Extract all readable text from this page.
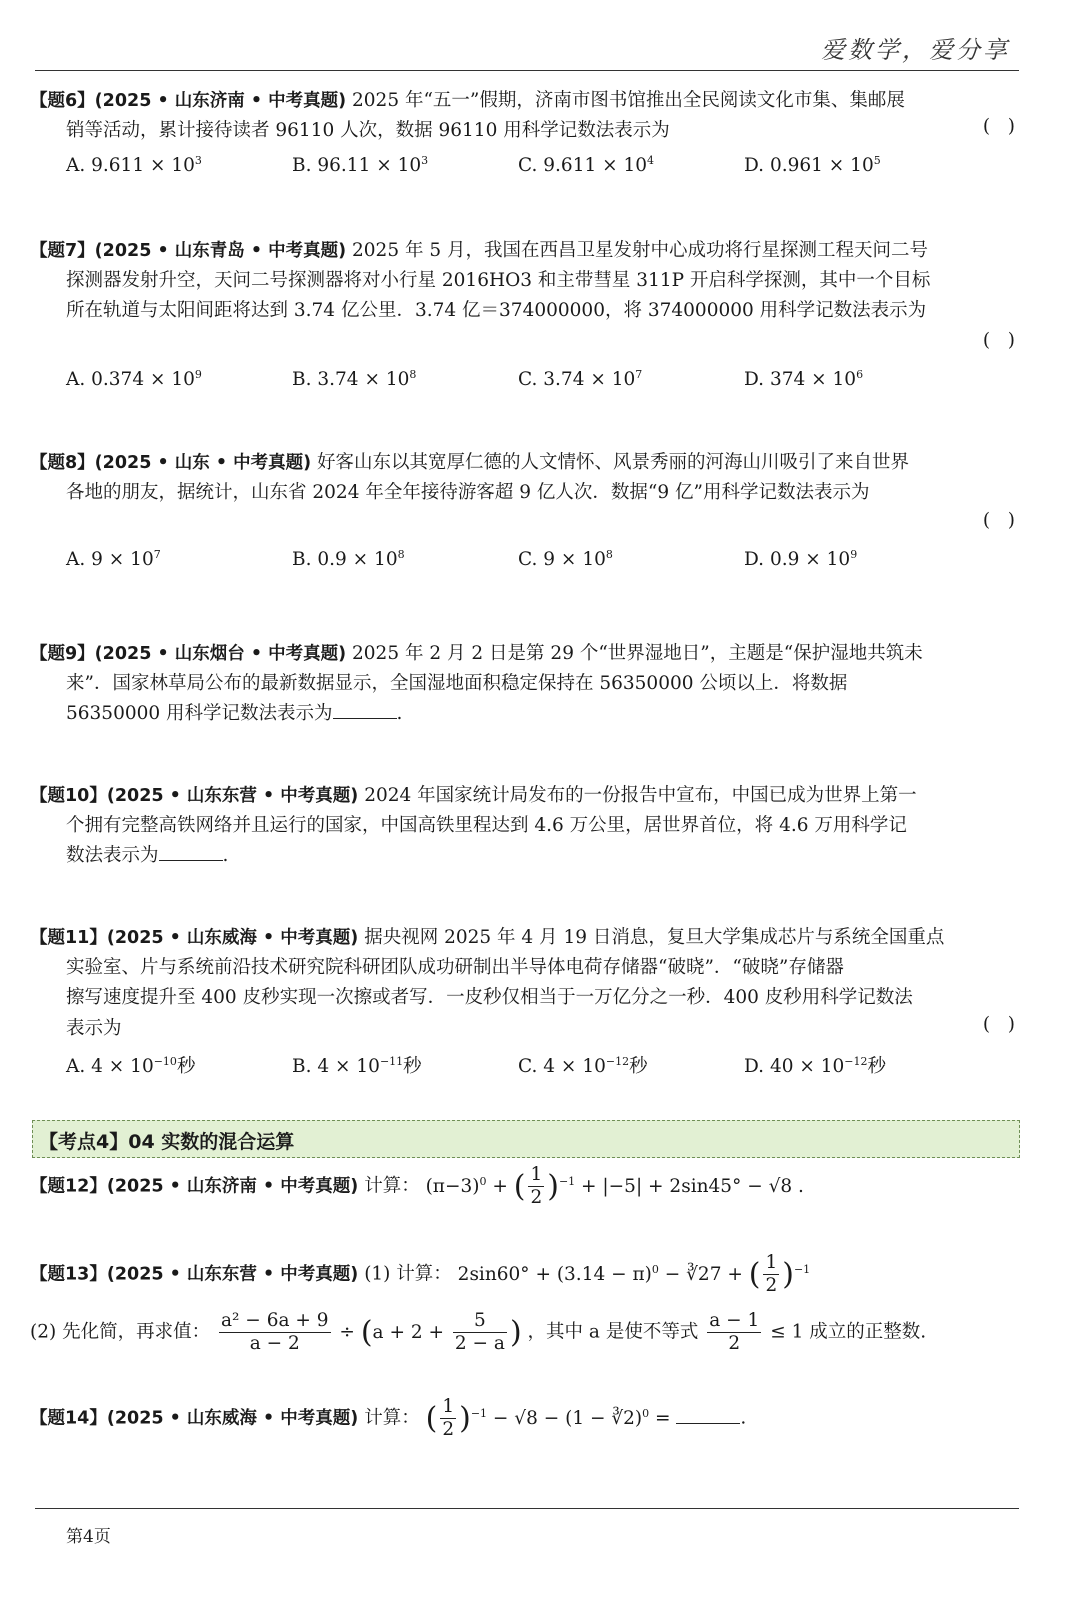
爱数学，爱分享
【题6】(2025 • 山东济南 • 中考真题) 2025 年“五一”假期，济南市图书馆推出全民阅读文化市集、集邮展
销等活动，累计接待读者 96110 人次，数据 96110 用科学记数法表示为	(   )
A. $9.611 \times 10^3$	B. $96.11 \times 10^3$	C. $9.611 \times 10^4$	D. $0.961 \times 10^5$
【题7】(2025 • 山东青岛 • 中考真题) 2025 年 5 月，我国在西昌卫星发射中心成功将行星探测工程天问二号
探测器发射升空，天问二号探测器将对小行星 2016HO3 和主带彗星 311P 开启科学探测，其中一个目标
所在轨道与太阳间距将达到 3.74 亿公里．3.74 亿＝374000000，将 374000000 用科学记数法表示为
(   )
A. $0.374 \times 10^9$	B. $3.74 \times 10^8$	C. $3.74 \times 10^7$	D. $374 \times 10^6$
【题8】(2025 • 山东 • 中考真题) 好客山东以其宽厚仁德的人文情怀、风景秀丽的河海山川吸引了来自世界
各地的朋友，据统计，山东省 2024 年全年接待游客超 9 亿人次．数据“9 亿”用科学记数法表示为
(   )
A. $9 \times 10^7$	B. $0.9 \times 10^8$	C. $9 \times 10^8$	D. $0.9 \times 10^9$
【题9】(2025 • 山东烟台 • 中考真题) 2025 年 2 月 2 日是第 29 个“世界湿地日”，主题是“保护湿地共筑未
来”．国家林草局公布的最新数据显示，全国湿地面积稳定保持在 56350000 公顷以上．将数据
56350000 用科学记数法表示为	.
【题10】(2025 • 山东东营 • 中考真题) 2024 年国家统计局发布的一份报告中宣布，中国已成为世界上第一
个拥有完整高铁网络并且运行的国家，中国高铁里程达到 4.6 万公里，居世界首位，将 4.6 万用科学记
数法表示为	.
【题11】(2025 • 山东威海 • 中考真题) 据央视网 2025 年 4 月 19 日消息，复旦大学集成芯片与系统全国重点
实验室、片与系统前沿技术研究院科研团队成功研制出半导体电荷存储器“破晓”．“破晓”存储器
擦写速度提升至 400 皮秒实现一次擦或者写．一皮秒仅相当于一万亿分之一秒．400 皮秒用科学记数法
表示为	(   )
A. $4 \times 10^{-10}$秒	B. $4 \times 10^{-11}$秒	C. $4 \times 10^{-12}$秒	D. $40 \times 10^{-12}$秒
【考点4】04 实数的混合运算
【题12】(2025 • 山东济南 • 中考真题) 计算： $(\pi-3)^0$ + ( $\frac{1}{2} )^{-1} + |-5| + 2\sin 45^\circ - √8$ .
【题13】(2025 • 山东东营 • 中考真题) (1) 计算： $2\sin 60^\circ + (3.14 - \pi)^0$ − ∛27 + ( $\frac{1}{2} )^{-1}$
(2) 先化简，再求值： $\frac{\text{a² − 6a + 9}}{a - 2} \div (a + 2 + \frac{5}{2 - a}$ ) ，其中 a 是使不等式 $\frac{a - 1}{2} \le 1$ 成立的正整数.
【题14】(2025 • 山东威海 • 中考真题) 计算： ( $\frac{1}{2} )^{-1} - √8 - (1$ − ∛2)$^0$ =	.
第4页
